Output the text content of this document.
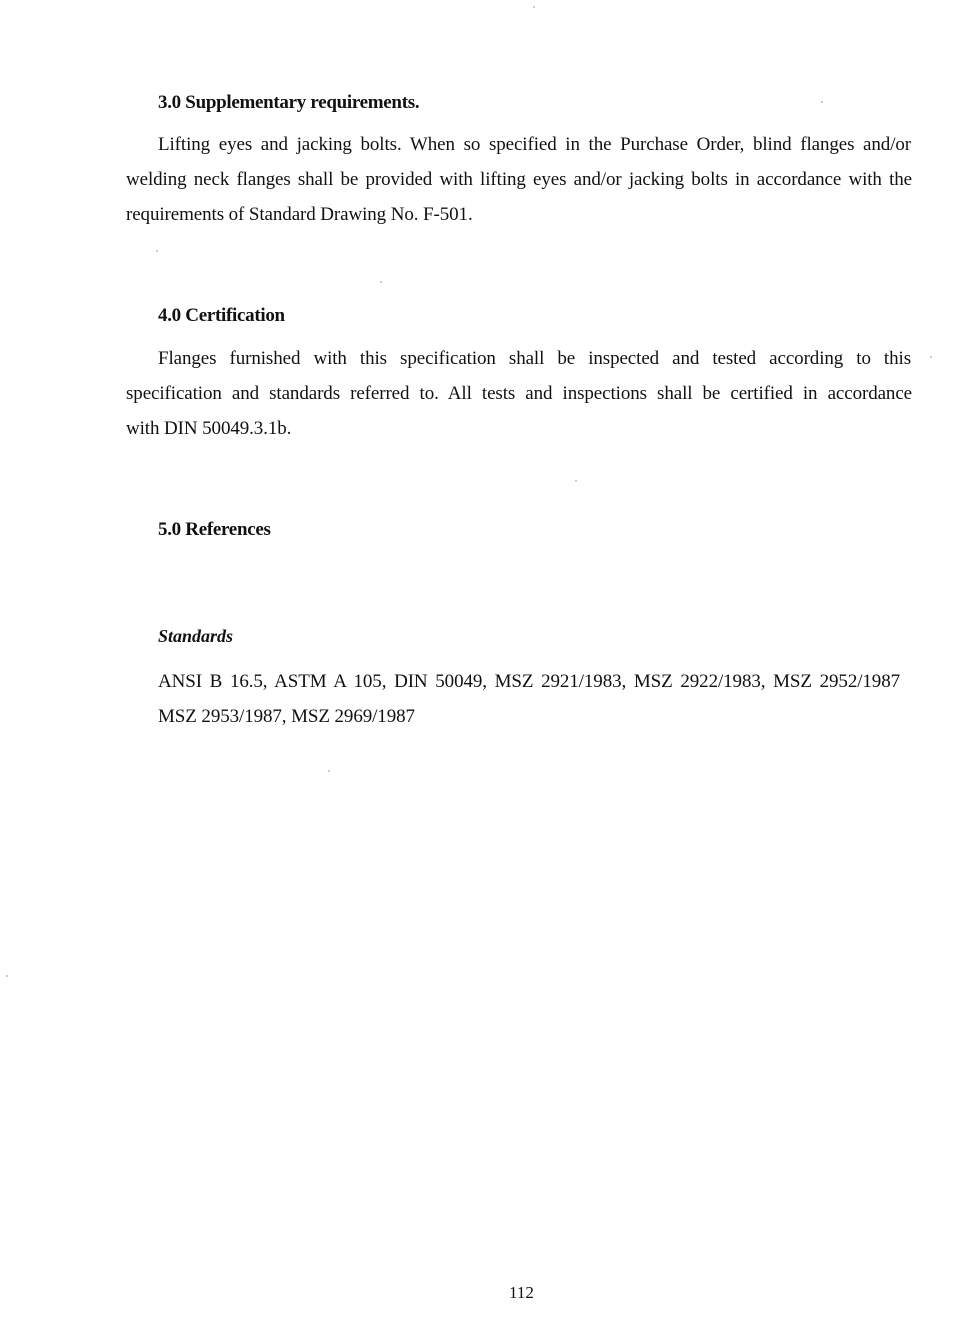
3.0 Supplementary requirements.
Lifting eyes and jacking bolts. When so specified in the Purchase Order, blind flanges and/or
welding neck flanges shall be provided with lifting eyes and/or jacking bolts in accordance with the
requirements of Standard Drawing No. F-501.
4.0 Certification
Flanges furnished with this specification shall be inspected and tested according to this
specification and standards referred to. All tests and inspections shall be certified in accordance
with DIN 50049.3.1b.
5.0 References
Standards
ANSI B 16.5, ASTM A 105, DIN 50049, MSZ 2921/1983, MSZ 2922/1983, MSZ 2952/1987
MSZ 2953/1987, MSZ 2969/1987
112
